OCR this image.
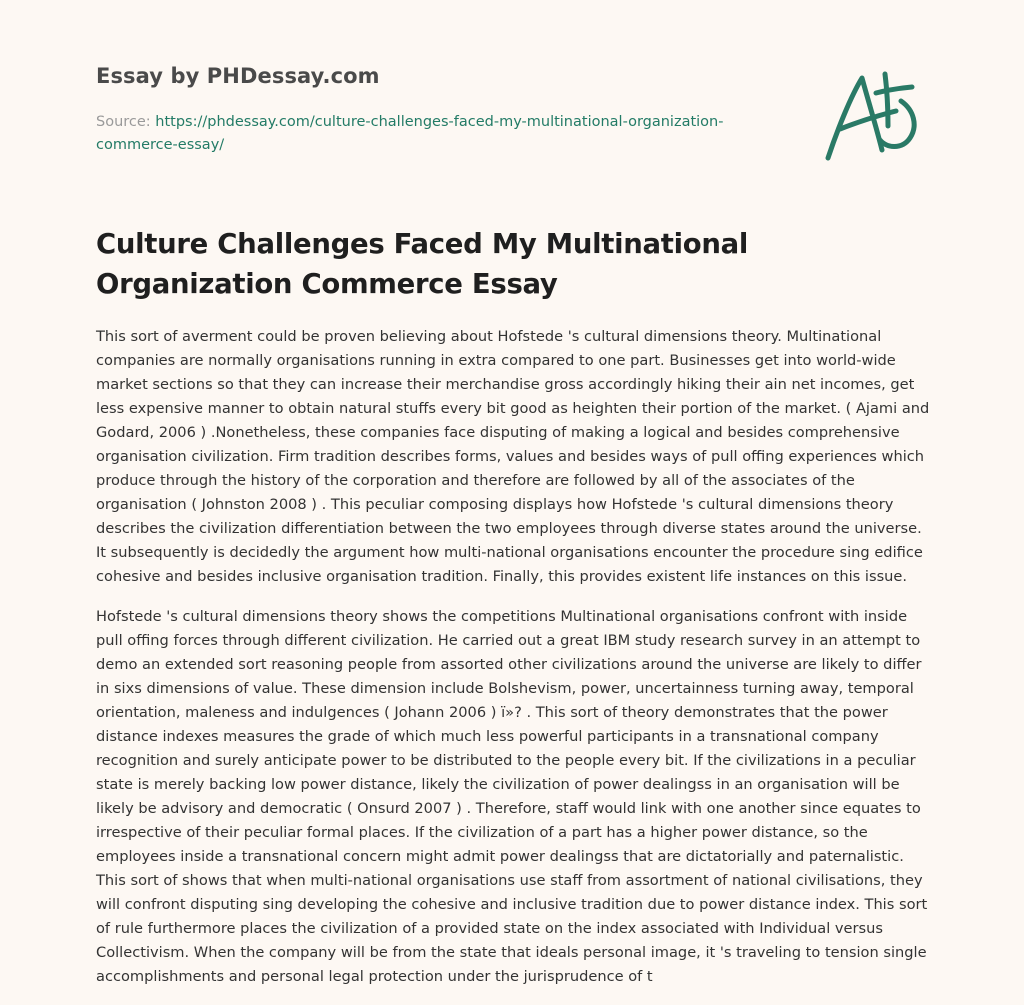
Essay by PHDessay.com

Source: https://phdessay.com/culture-challenges-faced-my-multinational-organization-commerce-essay/

Culture Challenges Faced My Multinational Organization Commerce Essay

This sort of averment could be proven believing about Hofstede 's cultural dimensions theory. Multinational companies are normally organisations running in extra compared to one part. Businesses get into world-wide market sections so that they can increase their merchandise gross accordingly hiking their ain net incomes, get less expensive manner to obtain natural stuffs every bit good as heighten their portion of the market. ( Ajami and Godard, 2006 ) .Nonetheless, these companies face disputing of making a logical and besides comprehensive organisation civilization. Firm tradition describes forms, values and besides ways of pull offing experiences which produce through the history of the corporation and therefore are followed by all of the associates of the organisation ( Johnston 2008 ) . This peculiar composing displays how Hofstede 's cultural dimensions theory describes the civilization differentiation between the two employees through diverse states around the universe. It subsequently is decidedly the argument how multi-national organisations encounter the procedure sing edifice cohesive and besides inclusive organisation tradition. Finally, this provides existent life instances on this issue.

Hofstede 's cultural dimensions theory shows the competitions Multinational organisations confront with inside pull offing forces through different civilization. He carried out a great IBM study research survey in an attempt to demo an extended sort reasoning people from assorted other civilizations around the universe are likely to differ in sixs dimensions of value. These dimension include Bolshevism, power, uncertainness turning away, temporal orientation, maleness and indulgences ( Johann 2006 ) ï»? . This sort of theory demonstrates that the power distance indexes measures the grade of which much less powerful participants in a transnational company recognition and surely anticipate power to be distributed to the people every bit. If the civilizations in a peculiar state is merely backing low power distance, likely the civilization of power dealingss in an organisation will be likely be advisory and democratic ( Onsurd 2007 ) . Therefore, staff would link with one another since equates to irrespective of their peculiar formal places. If the civilization of a part has a higher power distance, so the employees inside a transnational concern might admit power dealingss that are dictatorially and paternalistic. This sort of shows that when multi-national organisations use staff from assortment of national civilisations, they will confront disputing sing developing the cohesive and inclusive tradition due to power distance index. This sort of rule furthermore places the civilization of a provided state on the index associated with Individual versus Collectivism. When the company will be from the state that ideals personal image, it 's traveling to tension single accomplishments and personal legal protection under the jurisprudence of t
